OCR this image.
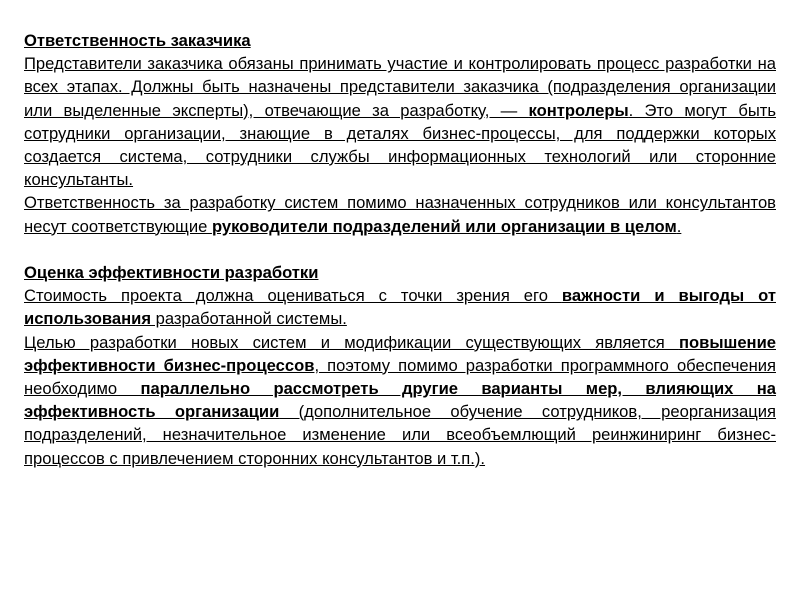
Ответственность заказчика

Представители заказчика обязаны принимать участие и контролировать процесс разработки на всех этапах. Должны быть назначены представители заказчика (подразделения организации или выделенные эксперты), отвечающие за разработку, — контролеры. Это могут быть сотрудники организации, знающие в деталях бизнес-процессы, для поддержки которых создается система, сотрудники службы информационных технологий или сторонние консультанты.

Ответственность за разработку систем помимо назначенных сотрудников или консультантов несут соответствующие руководители подразделений или организации в целом.

Оценка эффективности разработки

Стоимость проекта должна оцениваться с точки зрения его важности и выгоды от использования разработанной системы.

Целью разработки новых систем и модификации существующих является повышение эффективности бизнес-процессов, поэтому помимо разработки программного обеспечения необходимо параллельно рассмотреть другие варианты мер, влияющих на эффективность организации (дополнительное обучение сотрудников, реорганизация подразделений, незначительное изменение или всеобъемлющий реинжиниринг бизнес-процессов с привлечением сторонних консультантов и т.п.).
